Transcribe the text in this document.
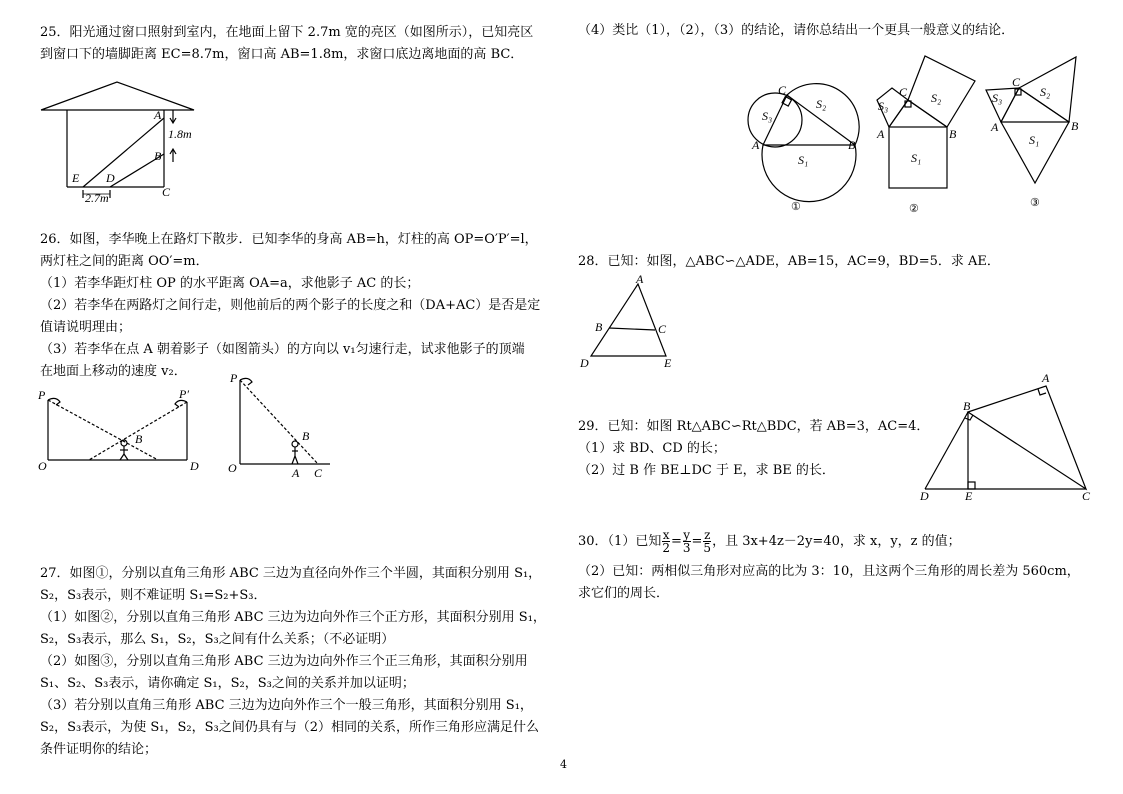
25．阳光通过窗口照射到室内，在地面上留下 2.7m 宽的亮区（如图所示），已知亮区
到窗口下的墙脚距离 EC=8.7m，窗口高 AB=1.8m，求窗口底边离地面的高 BC．
A
B
C
D
E
1.8m
2.7m
26．如图，李华晚上在路灯下散步．已知李华的身高 AB=h，灯柱的高 OP=O′P′=l，
两灯柱之间的距离 OO′=m．
（1）若李华距灯柱 OP 的水平距离 OA=a，求他影子 AC 的长；
（2）若李华在两路灯之间行走，则他前后的两个影子的长度之和（DA+AC）是否是定
值请说明理由；
（3）若李华在点 A 朝着影子（如图箭头）的方向以 v₁匀速行走，试求他影子的顶端
在地面上移动的速度 v₂．
P	P′
B
O	D
P
B
O	A C
27．如图①，分别以直角三角形 ABC 三边为直径向外作三个半圆，其面积分别用 S₁，
S₂，S₃表示，则不难证明 S₁=S₂+S₃．
（1）如图②，分别以直角三角形 ABC 三边为边向外作三个正方形，其面积分别用 S₁，
S₂，S₃表示，那么 S₁，S₂，S₃之间有什么关系；（不必证明）
（2）如图③，分别以直角三角形 ABC 三边为边向外作三个正三角形，其面积分别用
S₁、S₂、S₃表示，请你确定 S₁，S₂，S₃之间的关系并加以证明；
（3）若分别以直角三角形 ABC 三边为边向外作三个一般三角形，其面积分别用 S₁，
S₂，S₃表示，为使 S₁，S₂，S₃之间仍具有与（2）相同的关系，所作三角形应满足什么
条件证明你的结论；
（4）类比（1），（2），（3）的结论，请你总结出一个更具一般意义的结论．
C
A	B
S₁
S₂
S₃
①
C
A	B
S₁
S₂
S₃
②
C
A	B
S₁
S₂
S₃
③
28．已知：如图，△ABC∽△ADE，AB=15，AC=9，BD=5．求 AE．
A
B	C
D	E
29．已知：如图 Rt△ABC∽Rt△BDC，若 AB=3，AC=4．
（1）求 BD、CD 的长；
（2）过 B 作 BE⊥DC 于 E，求 BE 的长．
A
B
C
D	E
30．（1）已知 $\frac{x}{2} = \frac{y}{3} = \frac{z}{5}$ ，且 3x+4z－2y=40，求 x，y，z 的值；
（2）已知：两相似三角形对应高的比为 3：10，且这两个三角形的周长差为 560cm，
求它们的周长．
4
